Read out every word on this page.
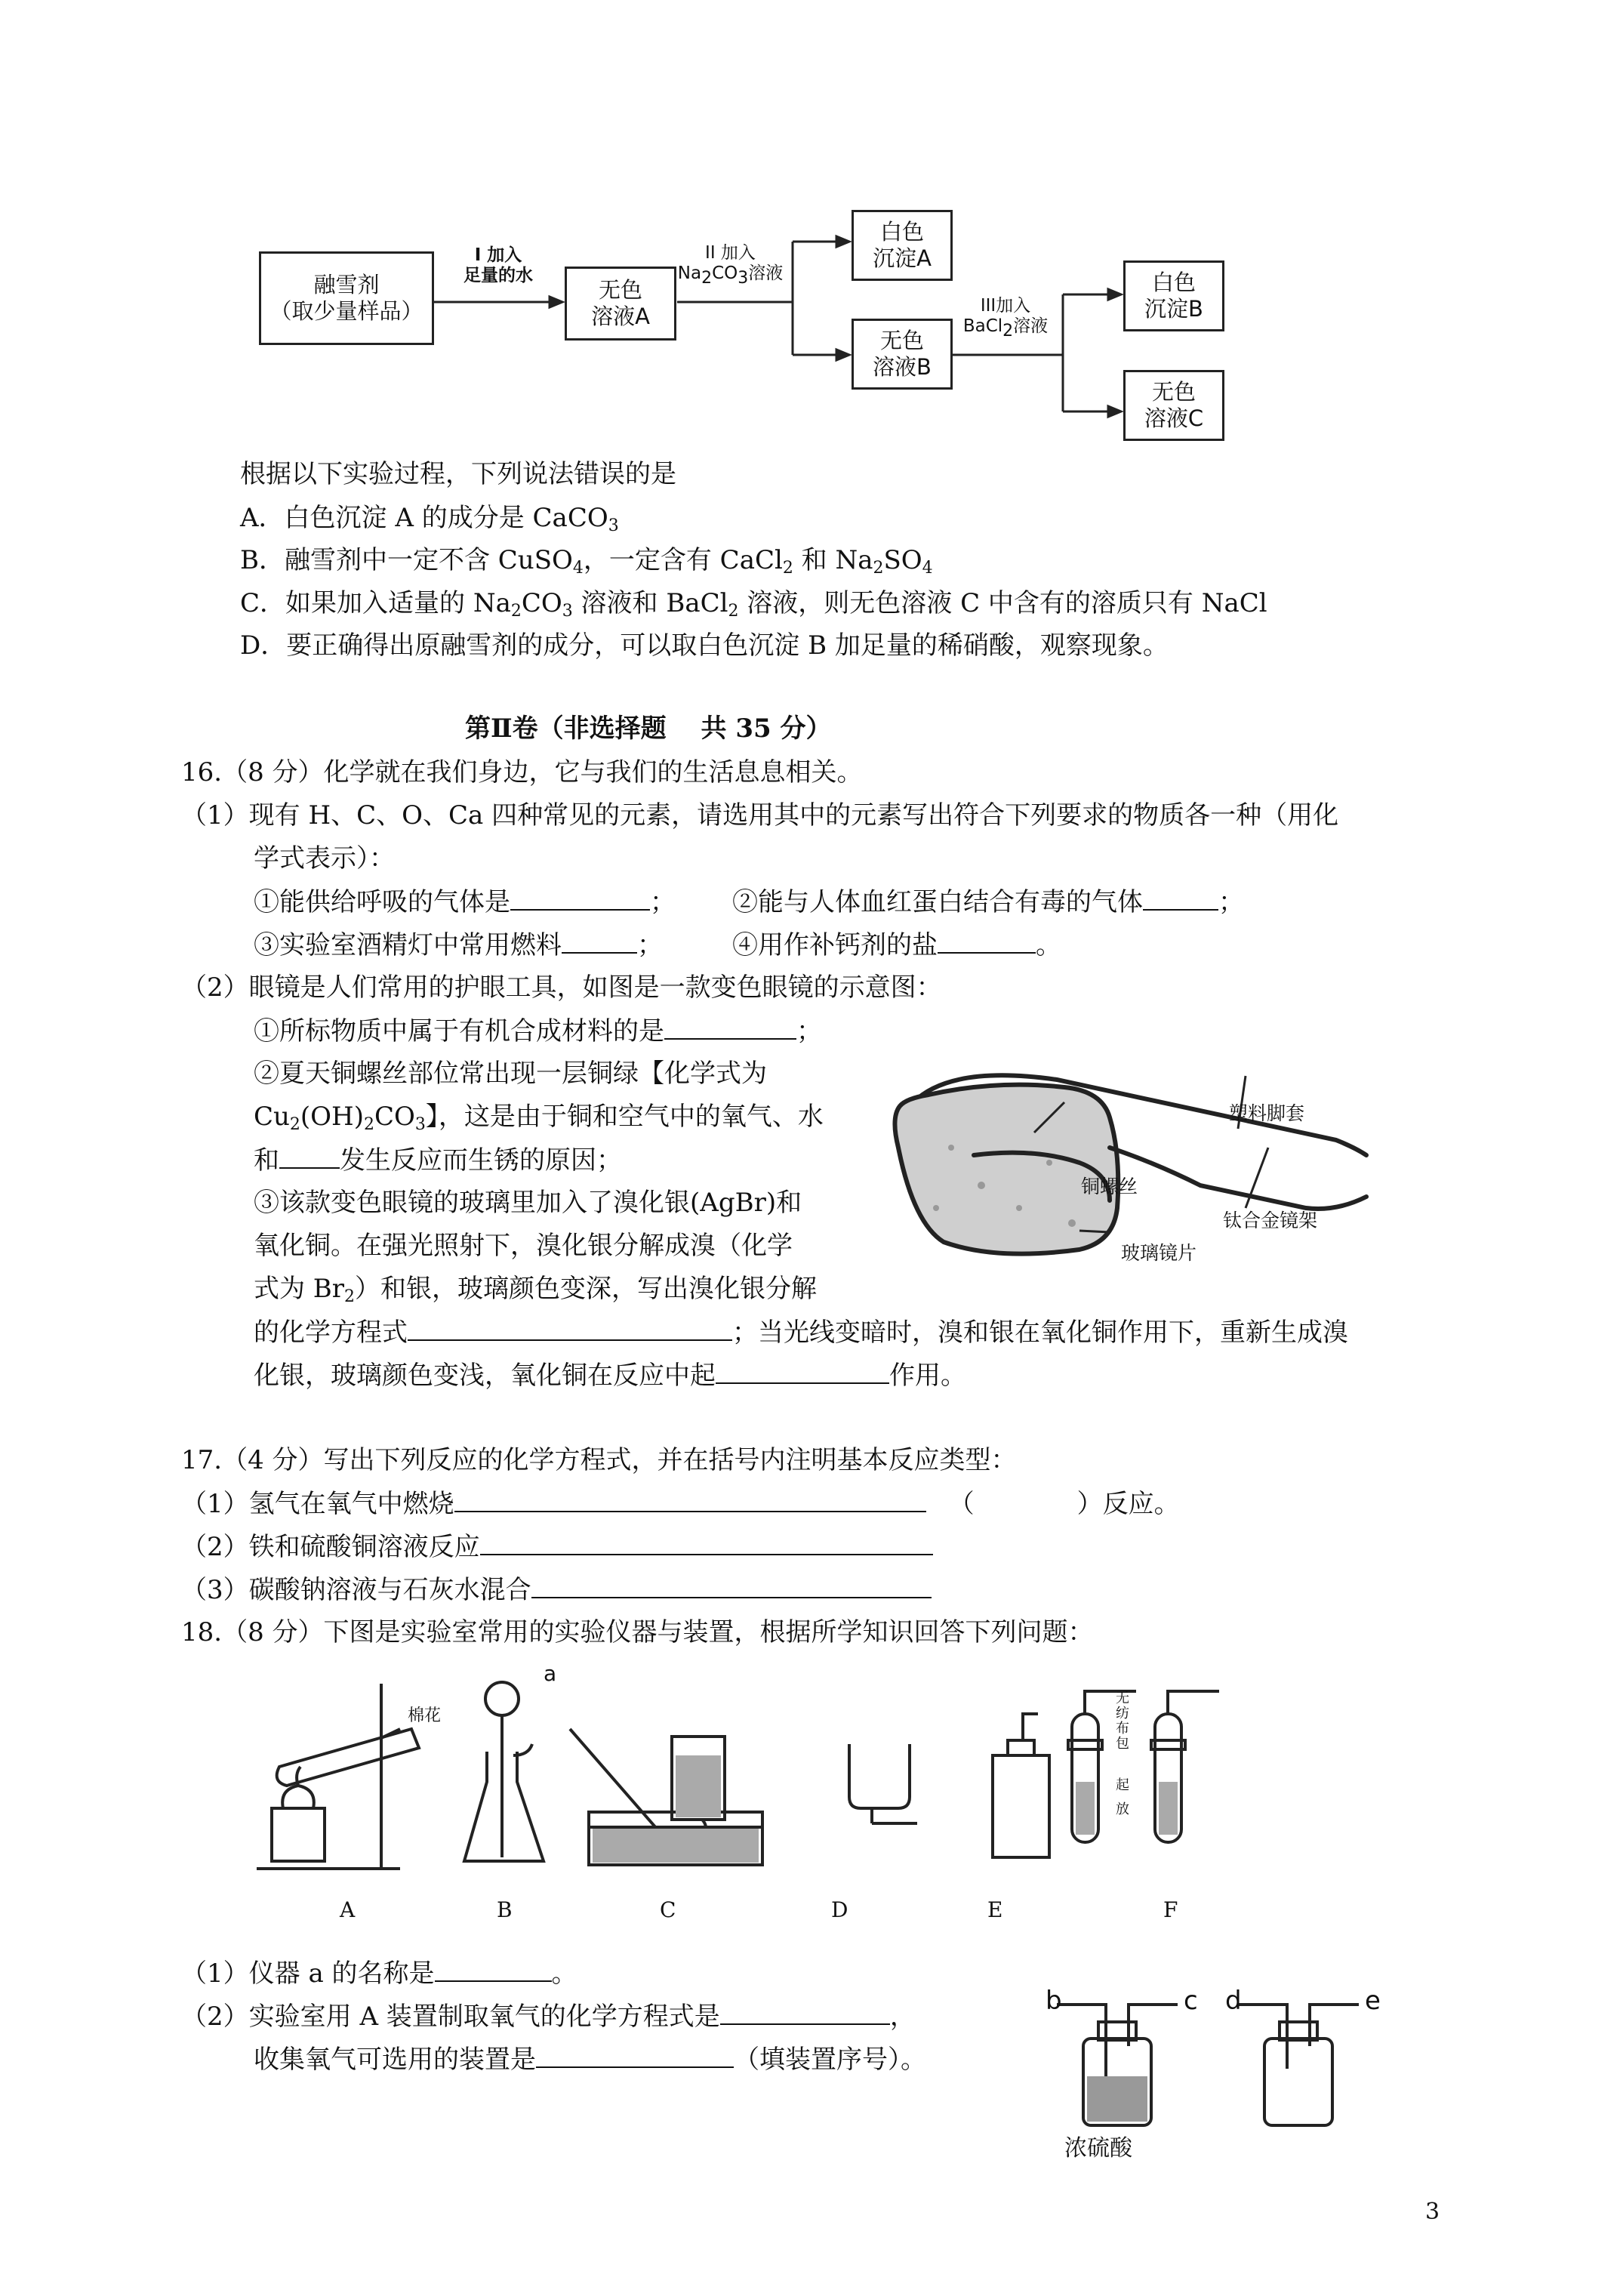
融雪剂
（取少量样品）
I 加入
足量的水
无色
溶液A
II 加入
Na2CO3溶液
白色
沉淀A
无色
溶液B
III加入
BaCl2溶液
白色
沉淀B
无色
溶液C
根据以下实验过程，下列说法错误的是
A．白色沉淀 A 的成分是 CaCO$_3$
B．融雪剂中一定不含 CuSO$_4$，一定含有 CaCl$_2$ 和 $Na_2SO_4$
C．如果加入适量的 $Na_2CO_3$ 溶液和 BaCl$_2$ 溶液，则无色溶液 C 中含有的溶质只有 NaCl
D．要正确得出原融雪剂的成分，可以取白色沉淀 B 加足量的稀硝酸，观察现象。
第Ⅱ卷（非选择题　 共 35 分）
16.（8 分）化学就在我们身边，它与我们的生活息息相关。
（1）现有 H、C、O、Ca 四种常见的元素，请选用其中的元素写出符合下列要求的物质各一种（用化
学式表示）：
①能供给呼吸的气体是	； ②能与人体血红蛋白结合有毒的气体	；
③实验室酒精灯中常用燃料	；	④用作补钙剂的盐	。
（2）眼镜是人们常用的护眼工具，如图是一款变色眼镜的示意图：
①所标物质中属于有机合成材料的是	；
②夏天铜螺丝部位常出现一层铜绿【化学式为
$Cu_2(OH)_2CO_3$】，这是由于铜和空气中的氧气、水
和 发生反应而生锈的原因；
③该款变色眼镜的玻璃里加入了溴化银(AgBr)和
氧化铜。在强光照射下，溴化银分解成溴（化学
式为 $Br_2$）和银，玻璃颜色变深，写出溴化银分解
的化学方程式	；当光线变暗时，溴和银在氧化铜作用下，重新生成溴
化银，玻璃颜色变浅，氧化铜在反应中起	作用。
塑料脚套
铜螺丝
钛合金镜架
玻璃镜片
17.（4 分）写出下列反应的化学方程式，并在括号内注明基本反应类型：
（1）氢气在氧气中燃烧	（　　　　）反应。
（2）铁和硫酸铜溶液反应
（3）碳酸钠溶液与石灰水混合
18.（8 分）下图是实验室常用的实验仪器与装置，根据所学知识回答下列问题：
棉花
a
无纺布包
起
放
A	B	C	D	E	F
（1）仪器 a 的名称是	。
（2）实验室用 A 装置制取氧气的化学方程式是	，
收集氧气可选用的装置是	（填装置序号）。
b	c d	e
浓硫酸
3
